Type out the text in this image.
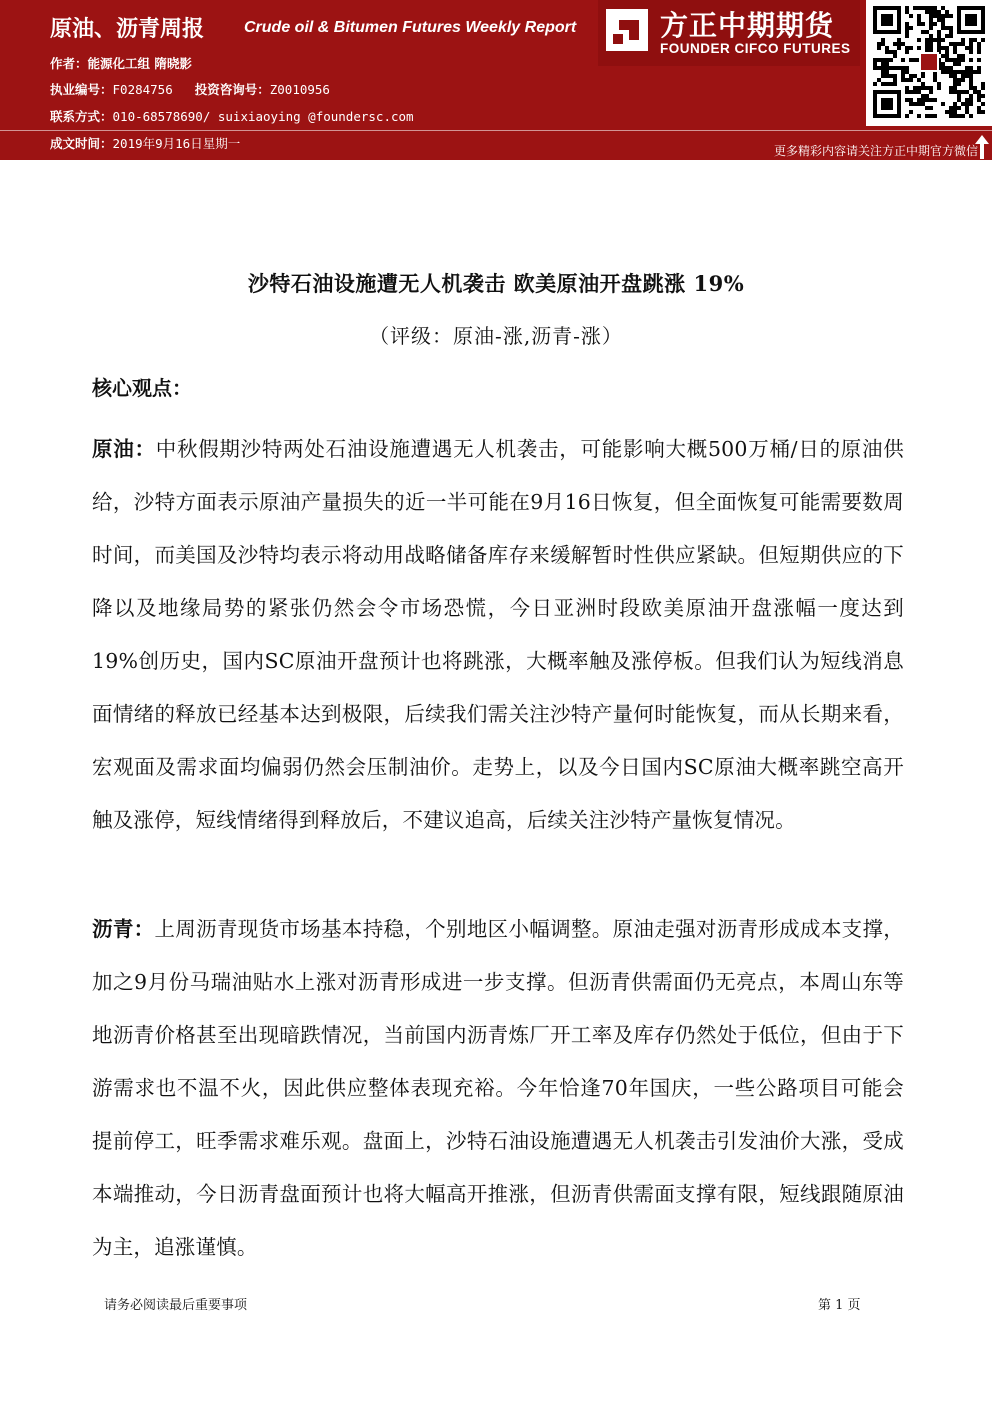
原油、沥青周报 Crude oil & Bitumen Futures Weekly Report
作者：能源化工组 隋晓影
执业编号：F0284756 投资咨询号：Z0010956
联系方式：010-68578690/ suixiaoying @foundersc.com
成文时间：2019年9月16日星期一
方正中期期货
FOUNDER CIFCO FUTURES
更多精彩内容请关注方正中期官方微信
沙特石油设施遭无人机袭击 欧美原油开盘跳涨 19%
（评级：原油-涨,沥青-涨）
核心观点：
原油：中秋假期沙特两处石油设施遭遇无人机袭击，可能影响大概500万桶/日的原油供给，沙特方面表示原油产量损失的近一半可能在9月16日恢复，但全面恢复可能需要数周时间，而美国及沙特均表示将动用战略储备库存来缓解暂时性供应紧缺。但短期供应的下降以及地缘局势的紧张仍然会令市场恐慌，今日亚洲时段欧美原油开盘涨幅一度达到19%创历史，国内SC原油开盘预计也将跳涨，大概率触及涨停板。但我们认为短线消息面情绪的释放已经基本达到极限，后续我们需关注沙特产量何时能恢复，而从长期来看，宏观面及需求面均偏弱仍然会压制油价。走势上，以及今日国内SC原油大概率跳空高开触及涨停，短线情绪得到释放后，不建议追高，后续关注沙特产量恢复情况。
沥青：上周沥青现货市场基本持稳，个别地区小幅调整。原油走强对沥青形成成本支撑，加之9月份马瑞油贴水上涨对沥青形成进一步支撑。但沥青供需面仍无亮点，本周山东等地沥青价格甚至出现暗跌情况，当前国内沥青炼厂开工率及库存仍然处于低位，但由于下游需求也不温不火，因此供应整体表现充裕。今年恰逢70年国庆，一些公路项目可能会提前停工，旺季需求难乐观。盘面上，沙特石油设施遭遇无人机袭击引发油价大涨，受成本端推动，今日沥青盘面预计也将大幅高开推涨，但沥青供需面支撑有限，短线跟随原油为主，追涨谨慎。
请务必阅读最后重要事项	第 1 页
